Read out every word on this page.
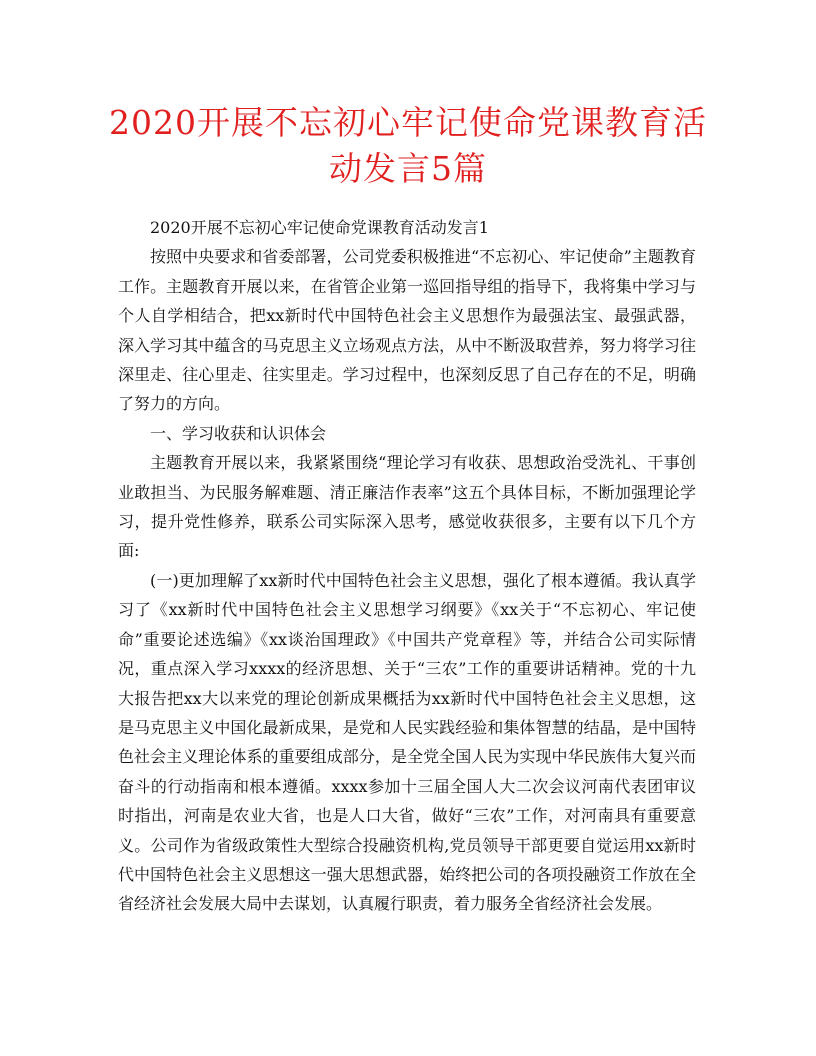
2020开展不忘初心牢记使命党课教育活
动发言5篇

2020开展不忘初心牢记使命党课教育活动发言1

按照中央要求和省委部署，公司党委积极推进“不忘初心、牢记使命”主题教育工作。主题教育开展以来，在省管企业第一巡回指导组的指导下，我将集中学习与个人自学相结合，把xx新时代中国特色社会主义思想作为最强法宝、最强武器，深入学习其中蕴含的马克思主义立场观点方法，从中不断汲取营养，努力将学习往深里走、往心里走、往实里走。学习过程中，也深刻反思了自己存在的不足，明确了努力的方向。

一、学习收获和认识体会

主题教育开展以来，我紧紧围绕“理论学习有收获、思想政治受洗礼、干事创业敢担当、为民服务解难题、清正廉洁作表率”这五个具体目标，不断加强理论学习，提升党性修养，联系公司实际深入思考，感觉收获很多，主要有以下几个方面:

(一)更加理解了xx新时代中国特色社会主义思想，强化了根本遵循。我认真学习了《xx新时代中国特色社会主义思想学习纲要》《xx关于“不忘初心、牢记使命”重要论述选编》《xx谈治国理政》《中国共产党章程》等，并结合公司实际情况，重点深入学习xxxx的经济思想、关于“三农”工作的重要讲话精神。党的十九大报告把xx大以来党的理论创新成果概括为xx新时代中国特色社会主义思想，这是马克思主义中国化最新成果，是党和人民实践经验和集体智慧的结晶，是中国特色社会主义理论体系的重要组成部分，是全党全国人民为实现中华民族伟大复兴而奋斗的行动指南和根本遵循。xxxx参加十三届全国人大二次会议河南代表团审议时指出，河南是农业大省，也是人口大省，做好“三农”工作，对河南具有重要意义。公司作为省级政策性大型综合投融资机构,党员领导干部更要自觉运用xx新时代中国特色社会主义思想这一强大思想武器，始终把公司的各项投融资工作放在全省经济社会发展大局中去谋划，认真履行职责，着力服务全省经济社会发展。
